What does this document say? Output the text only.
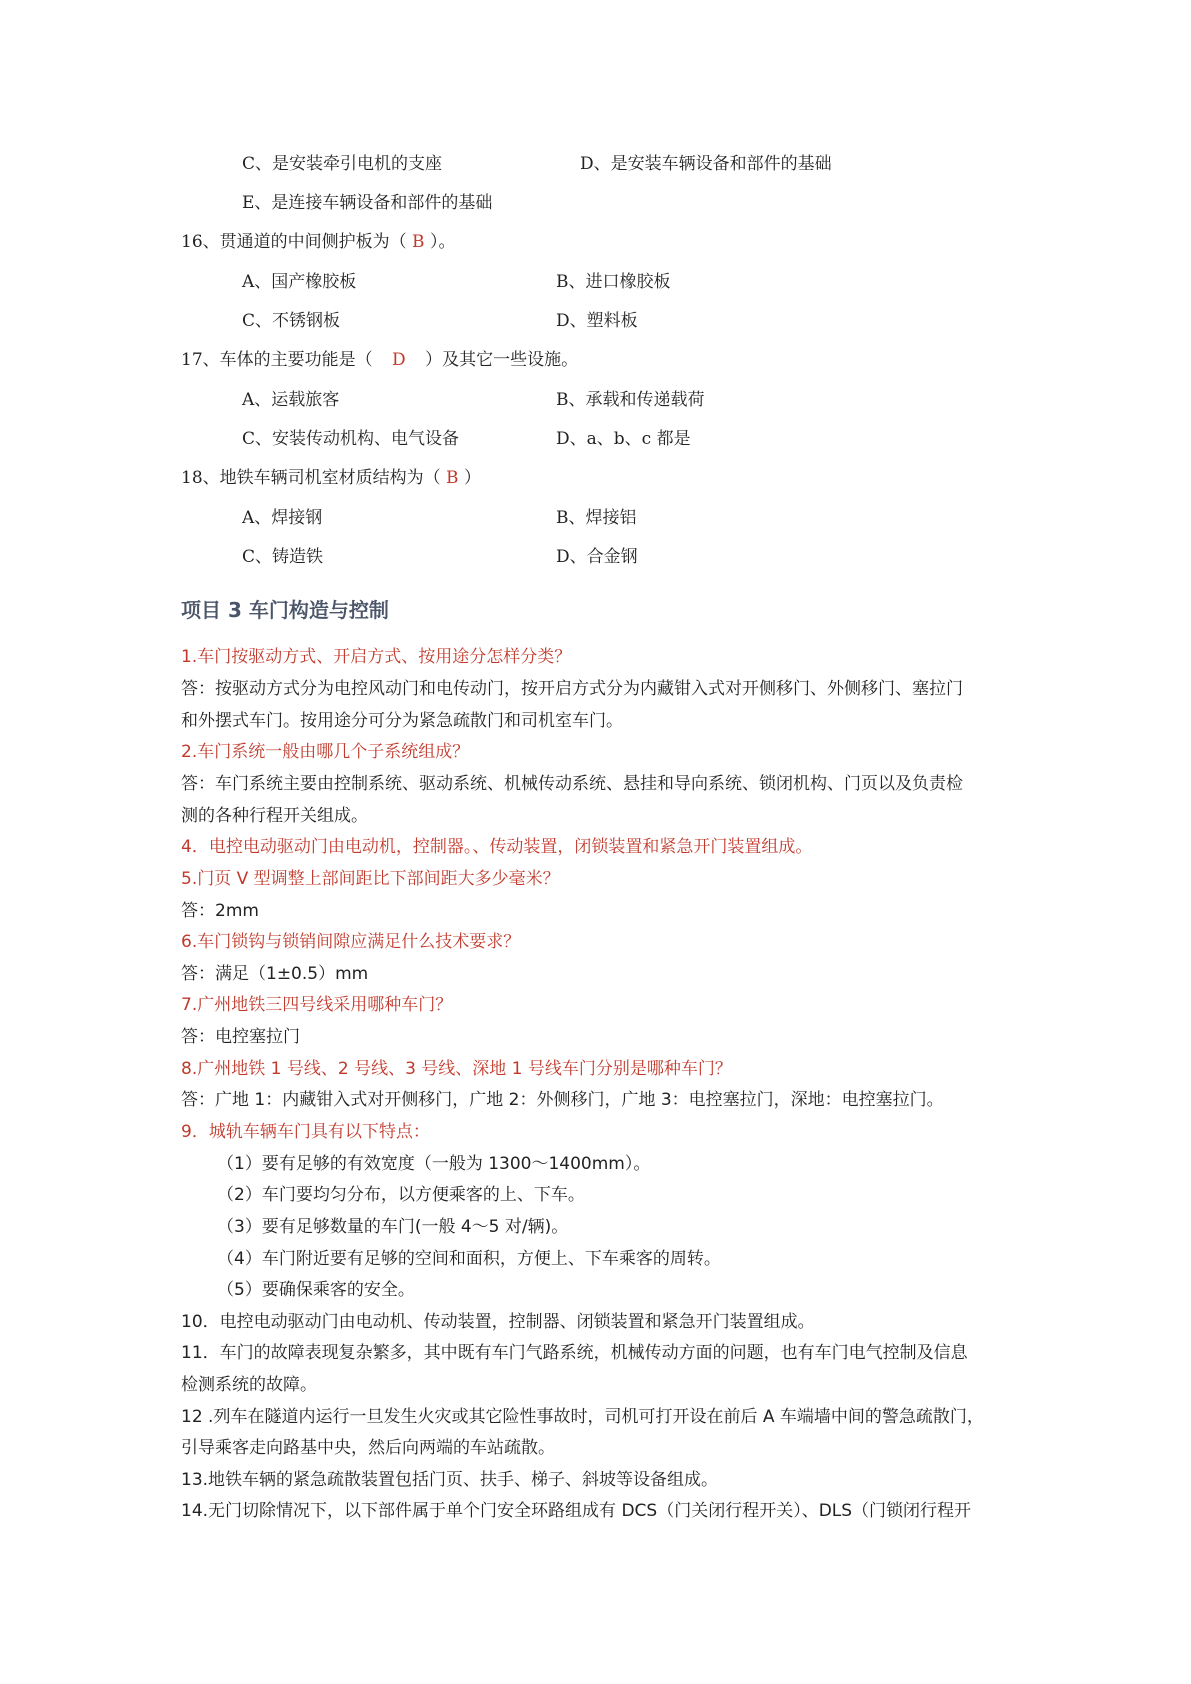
C、是安装牵引电机的支座	D、是安装车辆设备和部件的基础
E、是连接车辆设备和部件的基础
16、贯通道的中间侧护板为（ B ）。
A、国产橡胶板	B、进口橡胶板
C、不锈钢板	D、塑料板
17、车体的主要功能是（ D ）及其它一些设施。
A、运载旅客	B、承载和传递载荷
C、安装传动机构、电气设备	D、a、b、c 都是
18、地铁车辆司机室材质结构为（ B ）
A、焊接钢	B、焊接铝
C、铸造铁	D、合金钢
项目 3 车门构造与控制
1.车门按驱动方式、开启方式、按用途分怎样分类？
答：按驱动方式分为电控风动门和电传动门，按开启方式分为内藏钳入式对开侧移门、外侧移门、塞拉门
和外摆式车门。按用途分可分为紧急疏散门和司机室车门。
2.车门系统一般由哪几个子系统组成？
答：车门系统主要由控制系统、驱动系统、机械传动系统、悬挂和导向系统、锁闭机构、门页以及负责检
测的各种行程开关组成。
4．电控电动驱动门由电动机，控制器。、传动装置，闭锁装置和紧急开门装置组成。
5.门页 V 型调整上部间距比下部间距大多少毫米？
答：2mm
6.车门锁钩与锁销间隙应满足什么技术要求？
答：满足（1±0.5）mm
7.广州地铁三四号线采用哪种车门？
答：电控塞拉门
8.广州地铁 1 号线、2 号线、3 号线、深地 1 号线车门分别是哪种车门？
答：广地 1：内藏钳入式对开侧移门，广地 2：外侧移门，广地 3：电控塞拉门，深地：电控塞拉门。
9．城轨车辆车门具有以下特点：
（1）要有足够的有效宽度（一般为 1300～1400mm）。
（2）车门要均匀分布，以方便乘客的上、下车。
（3）要有足够数量的车门(一般 4～5 对/辆)。
（4）车门附近要有足够的空间和面积，方便上、下车乘客的周转。
（5）要确保乘客的安全。
10．电控电动驱动门由电动机、传动装置，控制器、闭锁装置和紧急开门装置组成。
11．车门的故障表现复杂繁多，其中既有车门气路系统，机械传动方面的问题，也有车门电气控制及信息
检测系统的故障。
12 .列车在隧道内运行一旦发生火灾或其它险性事故时，司机可打开设在前后 A 车端墙中间的警急疏散门，
引导乘客走向路基中央，然后向两端的车站疏散。
13.地铁车辆的紧急疏散装置包括门页、扶手、梯子、斜坡等设备组成。
14.无门切除情况下，以下部件属于单个门安全环路组成有 DCS（门关闭行程开关）、DLS（门锁闭行程开
